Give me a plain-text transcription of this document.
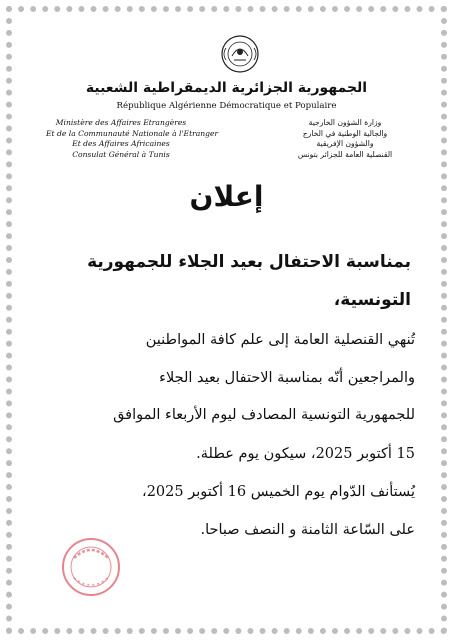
الجمهورية الجزائرية الديمقراطية الشعبية
République Algérienne Démocratique et Populaire
Ministère des Affaires Etrangères
Et de la Communauté Nationale à l'Etranger
Et des Affaires Africaines
Consulat Général à Tunis
وزارة الشؤون الخارجية
والجالية الوطنية في الخارج
والشؤون الإفريقية
القنصلية العامة للجزائر بتونس
إعلان
بمناسبة الاحتفال بعيد الجلاء للجمهورية
التونسية،
تُنهي القنصلية العامة إلى علم كافة المواطنين
والمراجعين أنّه بمناسبة الاحتفال بعيد الجلاء
للجمهورية التونسية المصادف ليوم الأربعاء الموافق
15 أكتوبر 2025، سيكون يوم عطلة.
يُستأنف الدّوام يوم الخميس 16 أكتوبر 2025،
على السّاعة الثامنة و النصف صباحا.
